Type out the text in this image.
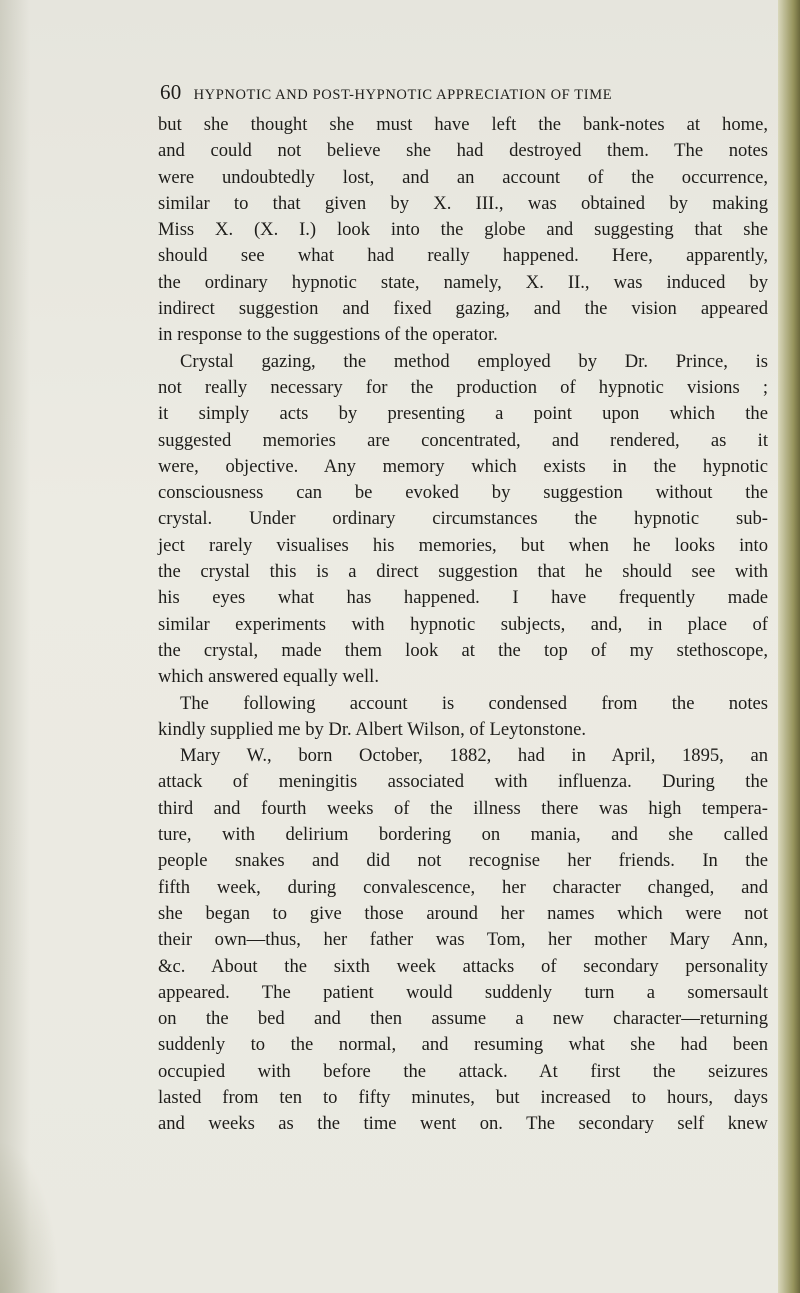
60 HYPNOTIC AND POST-HYPNOTIC APPRECIATION OF TIME
but she thought she must have left the bank-notes at home,
and could not believe she had destroyed them. The notes
were undoubtedly lost, and an account of the occurrence,
similar to that given by X. III., was obtained by making
Miss X. (X. I.) look into the globe and suggesting that she
should see what had really happened. Here, apparently,
the ordinary hypnotic state, namely, X. II., was induced by
indirect suggestion and fixed gazing, and the vision appeared
in response to the suggestions of the operator.
Crystal gazing, the method employed by Dr. Prince, is
not really necessary for the production of hypnotic visions ;
it simply acts by presenting a point upon which the
suggested memories are concentrated, and rendered, as it
were, objective. Any memory which exists in the hypnotic
consciousness can be evoked by suggestion without the
crystal. Under ordinary circumstances the hypnotic sub-
ject rarely visualises his memories, but when he looks into
the crystal this is a direct suggestion that he should see with
his eyes what has happened. I have frequently made
similar experiments with hypnotic subjects, and, in place of
the crystal, made them look at the top of my stethoscope,
which answered equally well.
The following account is condensed from the notes
kindly supplied me by Dr. Albert Wilson, of Leytonstone.
Mary W., born October, 1882, had in April, 1895, an
attack of meningitis associated with influenza. During the
third and fourth weeks of the illness there was high tempera-
ture, with delirium bordering on mania, and she called
people snakes and did not recognise her friends. In the
fifth week, during convalescence, her character changed, and
she began to give those around her names which were not
their own—thus, her father was Tom, her mother Mary Ann,
&c. About the sixth week attacks of secondary personality
appeared. The patient would suddenly turn a somersault
on the bed and then assume a new character—returning
suddenly to the normal, and resuming what she had been
occupied with before the attack. At first the seizures
lasted from ten to fifty minutes, but increased to hours, days
and weeks as the time went on. The secondary self knew
